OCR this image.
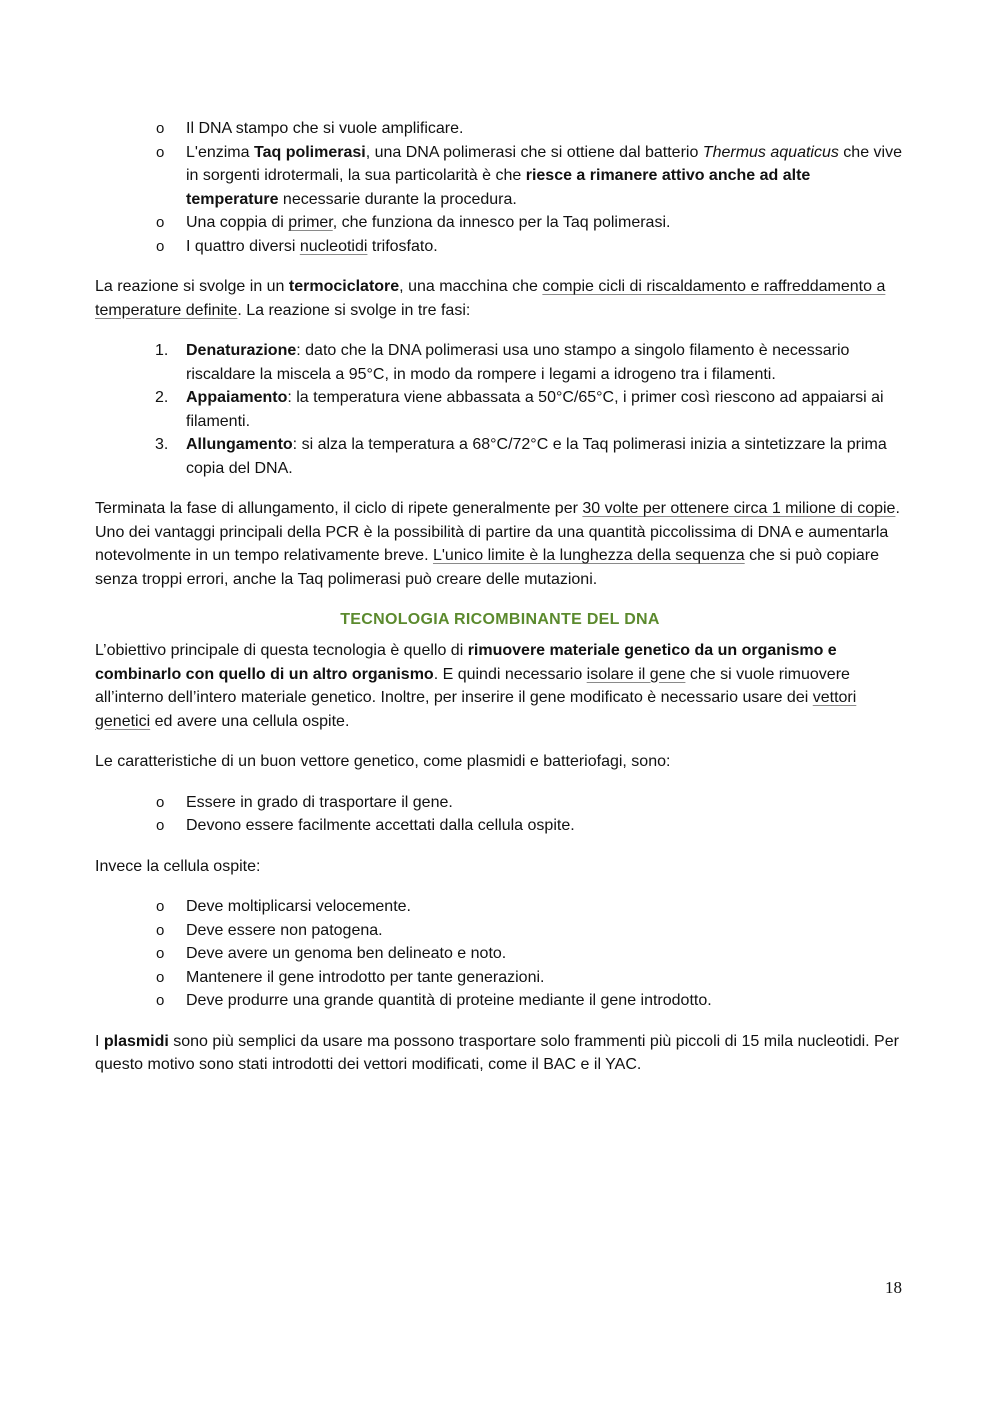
o Il DNA stampo che si vuole amplificare.
o L'enzima Taq polimerasi, una DNA polimerasi che si ottiene dal batterio Thermus aquaticus che vive in sorgenti idrotermali, la sua particolarità è che riesce a rimanere attivo anche ad alte temperature necessarie durante la procedura.
o Una coppia di primer, che funziona da innesco per la Taq polimerasi.
o I quattro diversi nucleotidi trifosfato.

La reazione si svolge in un termociclatore, una macchina che compie cicli di riscaldamento e raffreddamento a temperature definite. La reazione si svolge in tre fasi:

1. Denaturazione: dato che la DNA polimerasi usa uno stampo a singolo filamento è necessario riscaldare la miscela a 95°C, in modo da rompere i legami a idrogeno tra i filamenti.
2. Appaiamento: la temperatura viene abbassata a 50°C/65°C, i primer così riescono ad appaiarsi ai filamenti.
3. Allungamento: si alza la temperatura a 68°C/72°C e la Taq polimerasi inizia a sintetizzare la prima copia del DNA.

Terminata la fase di allungamento, il ciclo di ripete generalmente per 30 volte per ottenere circa 1 milione di copie. Uno dei vantaggi principali della PCR è la possibilità di partire da una quantità piccolissima di DNA e aumentarla notevolmente in un tempo relativamente breve. L'unico limite è la lunghezza della sequenza che si può copiare senza troppi errori, anche la Taq polimerasi può creare delle mutazioni.

TECNOLOGIA RICOMBINANTE DEL DNA

L’obiettivo principale di questa tecnologia è quello di rimuovere materiale genetico da un organismo e combinarlo con quello di un altro organismo. E quindi necessario isolare il gene che si vuole rimuovere all’interno dell’intero materiale genetico. Inoltre, per inserire il gene modificato è necessario usare dei vettori genetici ed avere una cellula ospite.

Le caratteristiche di un buon vettore genetico, come plasmidi e batteriofagi, sono:

o Essere in grado di trasportare il gene.
o Devono essere facilmente accettati dalla cellula ospite.

Invece la cellula ospite:

o Deve moltiplicarsi velocemente.
o Deve essere non patogena.
o Deve avere un genoma ben delineato e noto.
o Mantenere il gene introdotto per tante generazioni.
o Deve produrre una grande quantità di proteine mediante il gene introdotto.

I plasmidi sono più semplici da usare ma possono trasportare solo frammenti più piccoli di 15 mila nucleotidi. Per questo motivo sono stati introdotti dei vettori modificati, come il BAC e il YAC.

18
